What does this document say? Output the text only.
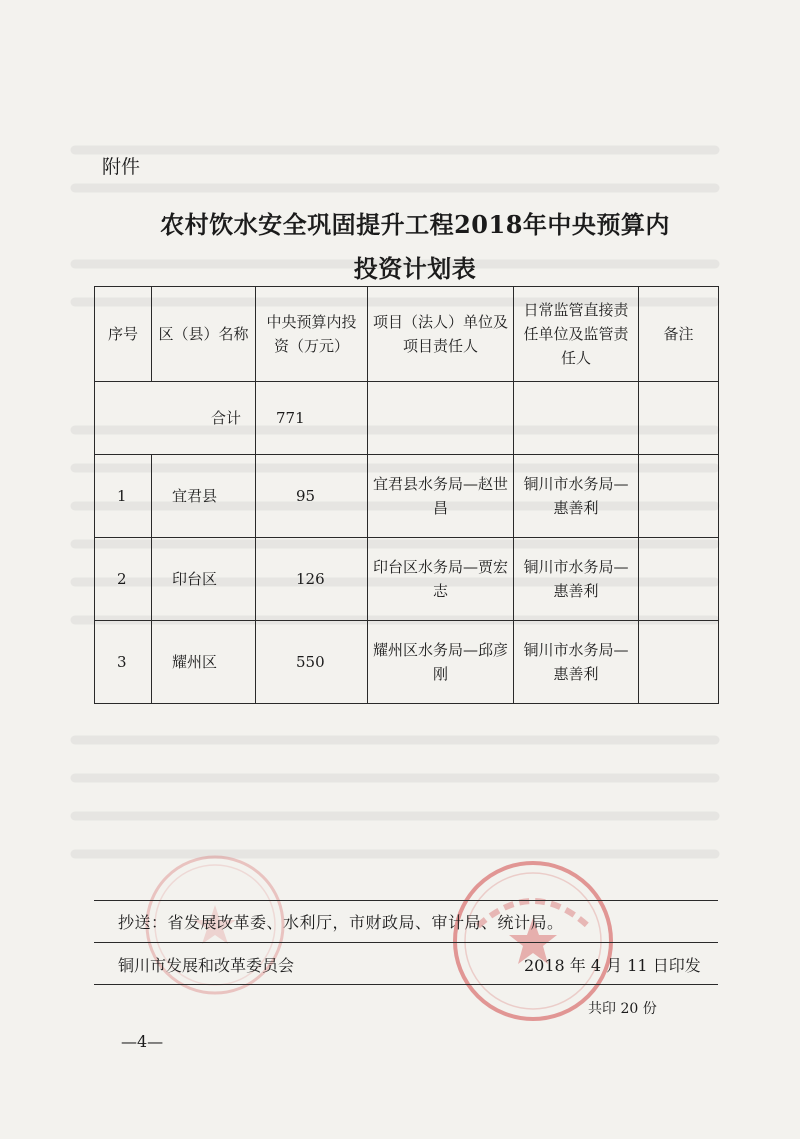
附件
农村饮水安全巩固提升工程2018年中央预算内
投资计划表
序号	区（县）名称	中央预算内投资（万元）	项目（法人）单位及项目责任人	日常监管直接责任单位及监管责任人	备注
合计		771			
1	宜君县	95	宜君县水务局—赵世昌	铜川市水务局—惠善利	
2	印台区	126	印台区水务局—贾宏志	铜川市水务局—惠善利	
3	耀州区	550	耀州区水务局—邱彦刚	铜川市水务局—惠善利	
抄送：省发展改革委、水利厅，市财政局、审计局、统计局。
铜川市发展和改革委员会	2018 年 4 月 11 日印发
共印 20 份
—4—
